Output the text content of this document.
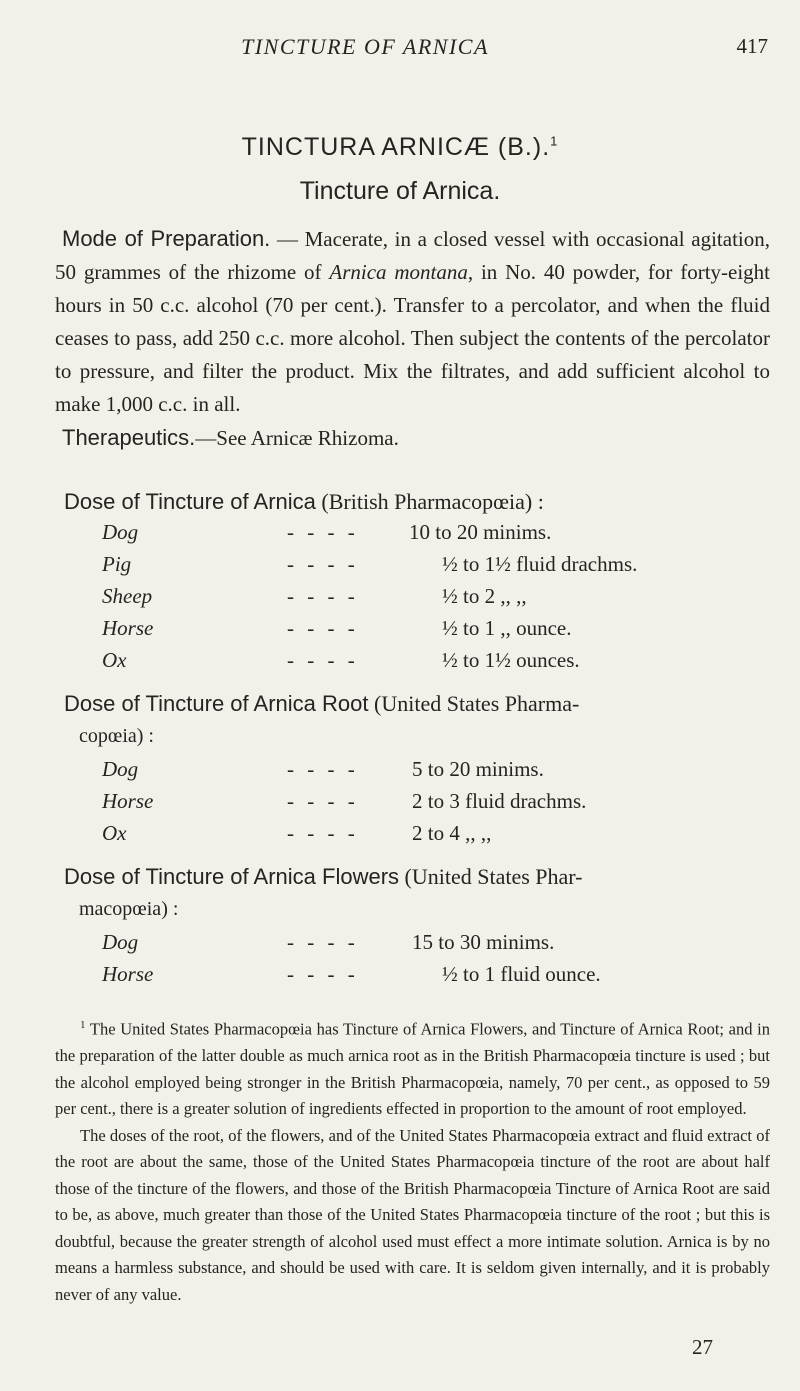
TINCTURE OF ARNICA	417
TINCTURA ARNICÆ (B.).$^1$
Tincture of Arnica.

Mode of Preparation. — Macerate, in a closed vessel with occasional agitation, 50 grammes of the rhizome of Arnica montana, in No. 40 powder, for forty-eight hours in 50 c.c. alcohol (70 per cent.). Transfer to a percolator, and when the fluid ceases to pass, add 250 c.c. more alcohol. Then subject the contents of the percolator to pressure, and filter the product. Mix the filtrates, and add sufficient alcohol to make 1,000 c.c. in all.

Therapeutics.—See Arnicæ Rhizoma.

Dose of Tincture of Arnica (British Pharmacopœia) :
Dog	- - - - 10 to 20 minims.
Pig	- - - -	½ to 1½ fluid drachms.
Sheep	- - - -	½ to 2 ,, ,,
Horse	- - - -	½ to 1 ,, ounce.
Ox	- - - -	½ to 1½ ounces.
Dose of Tincture of Arnica Root (United States Pharma-
copœia) :
Dog	- - - -	5 to 20 minims.
Horse	- - - -	2 to 3 fluid drachms.
Ox	- - - -	2 to 4 ,, ,,
Dose of Tincture of Arnica Flowers (United States Phar-
macopœia) :
Dog	- - - -	15 to 30 minims.
Horse	- - - -	½ to 1 fluid ounce.

$^1$ The United States Pharmacopœia has Tincture of Arnica Flowers, and Tincture of Arnica Root; and in the preparation of the latter double as much arnica root as in the British Pharmacopœia tincture is used ; but the alcohol employed being stronger in the British Pharmacopœia, namely, 70 per cent., as opposed to 59 per cent., there is a greater solution of ingredients effected in proportion to the amount of root employed.

The doses of the root, of the flowers, and of the United States Pharmacopœia extract and fluid extract of the root are about the same, those of the United States Pharmacopœia tincture of the root are about half those of the tincture of the flowers, and those of the British Pharmacopœia Tincture of Arnica Root are said to be, as above, much greater than those of the United States Pharmacopœia tincture of the root ; but this is doubtful, because the greater strength of alcohol used must effect a more intimate solution. Arnica is by no means a harmless substance, and should be used with care. It is seldom given internally, and it is probably never of any value.

27
